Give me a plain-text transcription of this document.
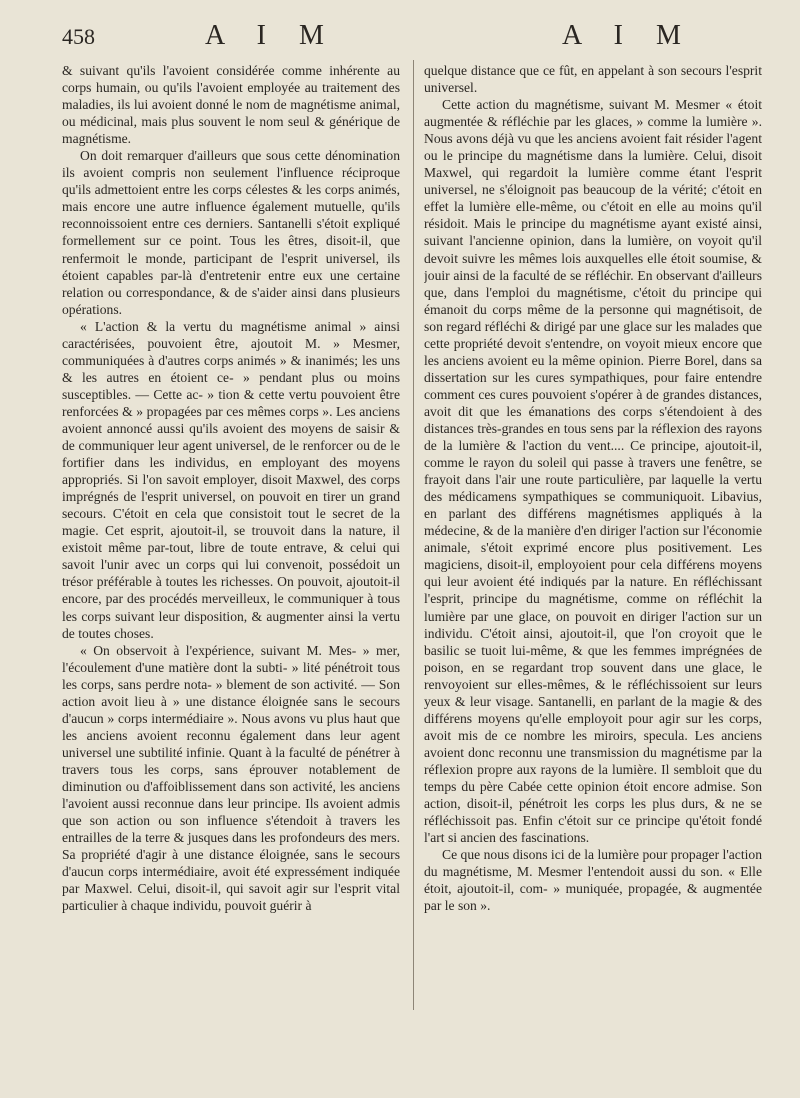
458	A I M	A I M

& suivant qu'ils l'avoient considérée comme inhérente au corps humain, ou qu'ils l'avoient employée au traitement des maladies, ils lui avoient donné le nom de magnétisme animal, ou médicinal, mais plus souvent le nom seul & générique de magnétisme.

On doit remarquer d'ailleurs que sous cette dénomination ils avoient compris non seulement l'influence réciproque qu'ils admettoient entre les corps célestes & les corps animés, mais encore une autre influence également mutuelle, qu'ils reconnoissoient entre ces derniers. Santanelli s'étoit expliqué formellement sur ce point. Tous les êtres, disoit-il, que renfermoit le monde, participant de l'esprit universel, ils étoient capables par-là d'entretenir entre eux une certaine relation ou correspondance, & de s'aider ainsi dans plusieurs opérations.

« L'action & la vertu du magnétisme animal » ainsi caractérisées, pouvoient être, ajoutoit M. » Mesmer, communiquées à d'autres corps animés » & inanimés; les uns & les autres en étoient ce- » pendant plus ou moins susceptibles. — Cette ac- » tion & cette vertu pouvoient être renforcées & » propagées par ces mêmes corps ». Les anciens avoient annoncé aussi qu'ils avoient des moyens de saisir & de communiquer leur agent universel, de le renforcer ou de le fortifier dans les individus, en employant des moyens appropriés. Si l'on savoit employer, disoit Maxwel, des corps imprégnés de l'esprit universel, on pouvoit en tirer un grand secours. C'étoit en cela que consistoit tout le secret de la magie. Cet esprit, ajoutoit-il, se trouvoit dans la nature, il existoit même par-tout, libre de toute entrave, & celui qui savoit l'unir avec un corps qui lui convenoit, possédoit un trésor préférable à toutes les richesses. On pouvoit, ajoutoit-il encore, par des procédés merveilleux, le communiquer à tous les corps suivant leur disposition, & augmenter ainsi la vertu de toutes choses.

« On observoit à l'expérience, suivant M. Mes- » mer, l'écoulement d'une matière dont la subti- » lité pénétroit tous les corps, sans perdre nota- » blement de son activité. — Son action avoit lieu à » une distance éloignée sans le secours d'aucun » corps intermédiaire ». Nous avons vu plus haut que les anciens avoient reconnu également dans leur agent universel une subtilité infinie. Quant à la faculté de pénétrer à travers tous les corps, sans éprouver notablement de diminution ou d'affoiblissement dans son activité, les anciens l'avoient aussi reconnue dans leur principe. Ils avoient admis que son action ou son influence s'étendoit à travers les entrailles de la terre & jusques dans les profondeurs des mers. Sa propriété d'agir à une distance éloignée, sans le secours d'aucun corps intermédiaire, avoit été expressément indiquée par Maxwel. Celui, disoit-il, qui savoit agir sur l'esprit vital particulier à chaque individu, pouvoit guérir à

quelque distance que ce fût, en appelant à son secours l'esprit universel.

Cette action du magnétisme, suivant M. Mesmer « étoit augmentée & réfléchie par les glaces, » comme la lumière ». Nous avons déjà vu que les anciens avoient fait résider l'agent ou le principe du magnétisme dans la lumière. Celui, disoit Maxwel, qui regardoit la lumière comme étant l'esprit universel, ne s'éloignoit pas beaucoup de la vérité; c'étoit en effet la lumière elle-même, ou c'étoit en elle au moins qu'il résidoit. Mais le principe du magnétisme ayant existé ainsi, suivant l'ancienne opinion, dans la lumière, on voyoit qu'il devoit suivre les mêmes lois auxquelles elle étoit soumise, & jouir ainsi de la faculté de se réfléchir. En observant d'ailleurs que, dans l'emploi du magnétisme, c'étoit du principe qui émanoit du corps même de la personne qui magnétisoit, de son regard réfléchi & dirigé par une glace sur les malades que cette propriété devoit s'entendre, on voyoit mieux encore que les anciens avoient eu la même opinion. Pierre Borel, dans sa dissertation sur les cures sympathiques, pour faire entendre comment ces cures pouvoient s'opérer à de grandes distances, avoit dit que les émanations des corps s'étendoient à des distances très-grandes en tous sens par la réflexion des rayons de la lumière & l'action du vent.... Ce principe, ajoutoit-il, comme le rayon du soleil qui passe à travers une fenêtre, se frayoit dans l'air une route particulière, par laquelle la vertu des médicamens sympathiques se communiquoit. Libavius, en parlant des différens magnétismes appliqués à la médecine, & de la manière d'en diriger l'action sur l'économie animale, s'étoit exprimé encore plus positivement. Les magiciens, disoit-il, employoient pour cela différens moyens qui leur avoient été indiqués par la nature. En réfléchissant l'esprit, principe du magnétisme, comme on réfléchit la lumière par une glace, on pouvoit en diriger l'action sur un individu. C'étoit ainsi, ajoutoit-il, que l'on croyoit que le basilic se tuoit lui-même, & que les femmes imprégnées de poison, en se regardant trop souvent dans une glace, le renvoyoient sur elles-mêmes, & le réfléchissoient sur leurs yeux & leur visage. Santanelli, en parlant de la magie & des différens moyens qu'elle employoit pour agir sur les corps, avoit mis de ce nombre les miroirs, specula. Les anciens avoient donc reconnu une transmission du magnétisme par la réflexion propre aux rayons de la lumière. Il sembloit que du temps du père Cabée cette opinion étoit encore admise. Son action, disoit-il, pénétroit les corps les plus durs, & ne se réfléchissoit pas. Enfin c'étoit sur ce principe qu'étoit fondé l'art si ancien des fascinations.

Ce que nous disons ici de la lumière pour propager l'action du magnétisme, M. Mesmer l'entendoit aussi du son. « Elle étoit, ajoutoit-il, com- » muniquée, propagée, & augmentée par le son ».
